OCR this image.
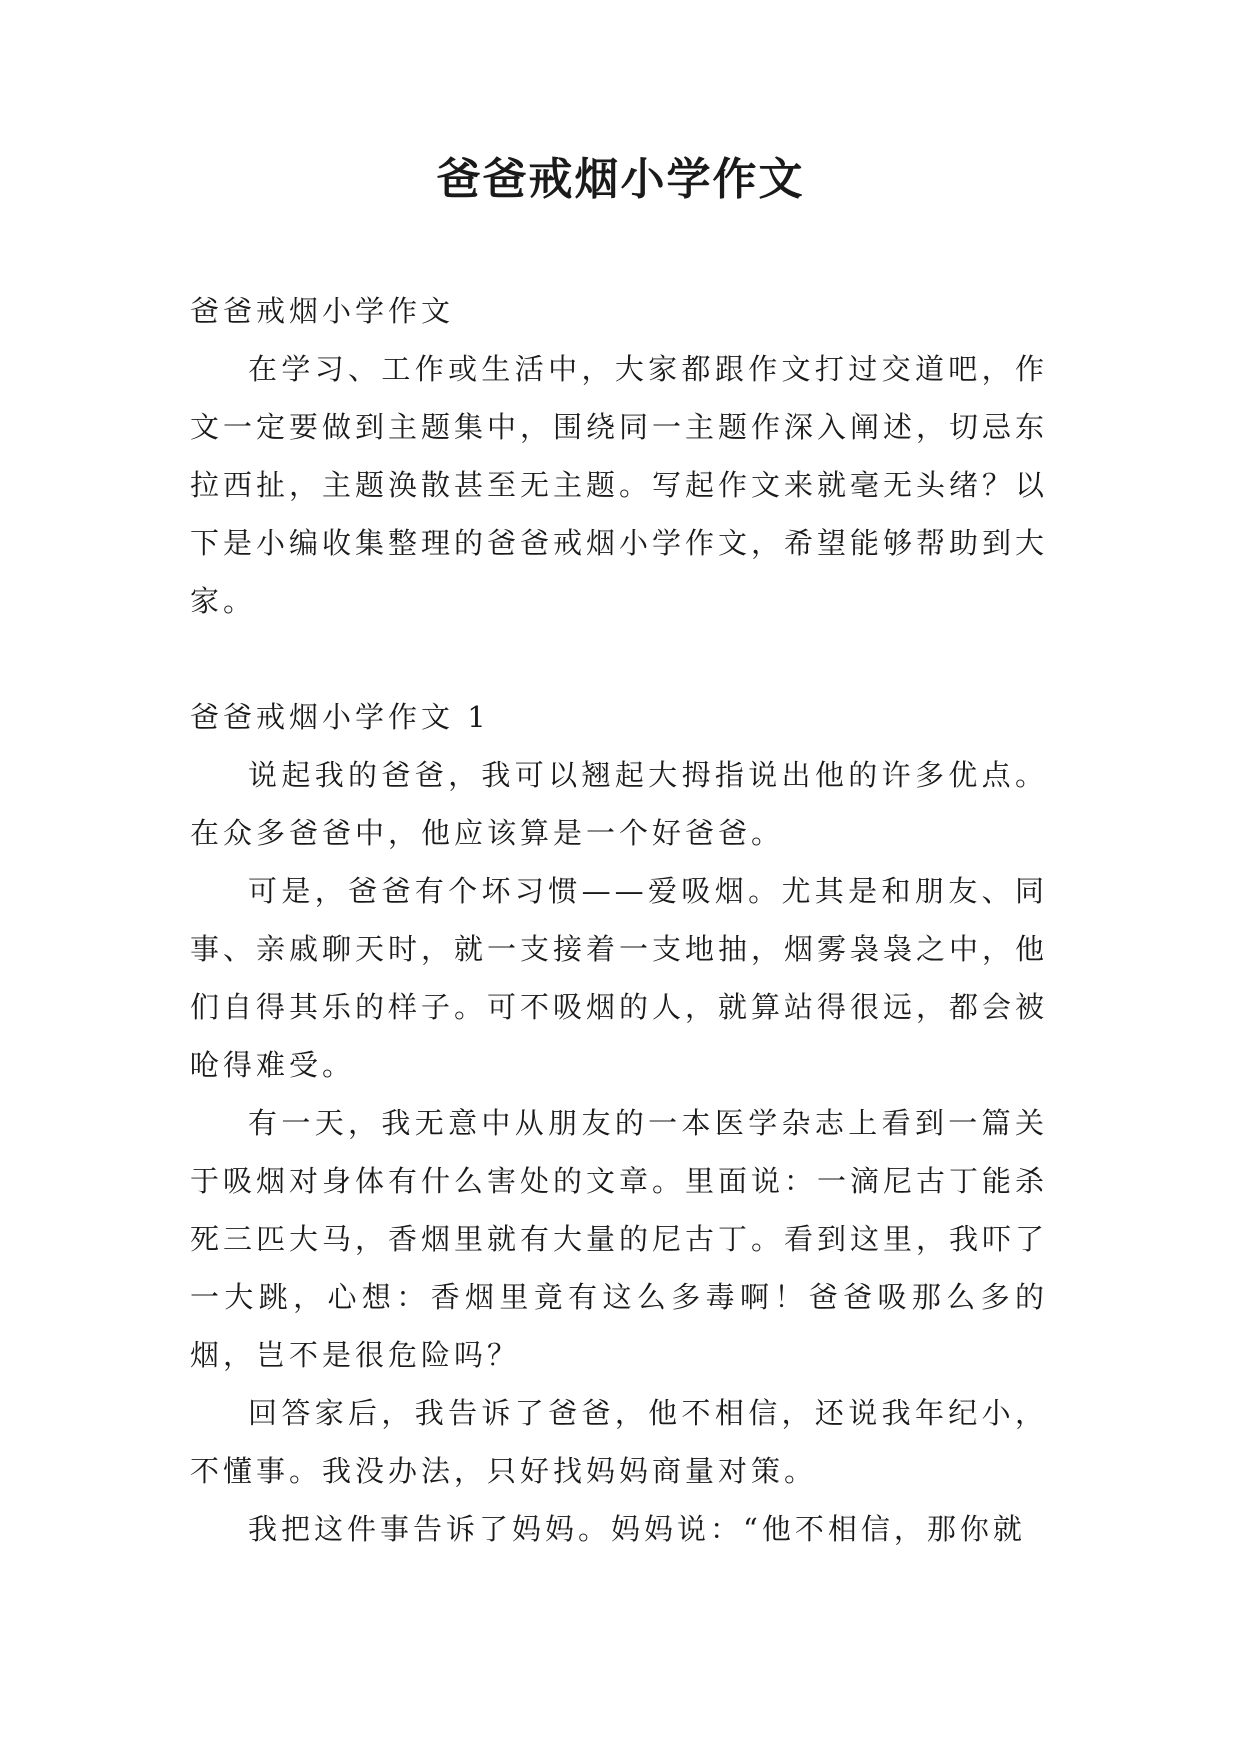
爸爸戒烟小学作文

爸爸戒烟小学作文

在学习、工作或生活中，大家都跟作文打过交道吧，作文一定要做到主题集中，围绕同一主题作深入阐述，切忌东拉西扯，主题涣散甚至无主题。写起作文来就毫无头绪？以下是小编收集整理的爸爸戒烟小学作文，希望能够帮助到大家。

爸爸戒烟小学作文 1

说起我的爸爸，我可以翘起大拇指说出他的许多优点。在众多爸爸中，他应该算是一个好爸爸。

可是，爸爸有个坏习惯——爱吸烟。尤其是和朋友、同事、亲戚聊天时，就一支接着一支地抽，烟雾袅袅之中，他们自得其乐的样子。可不吸烟的人，就算站得很远，都会被呛得难受。

有一天，我无意中从朋友的一本医学杂志上看到一篇关于吸烟对身体有什么害处的文章。里面说：一滴尼古丁能杀死三匹大马，香烟里就有大量的尼古丁。看到这里，我吓了一大跳，心想：香烟里竟有这么多毒啊！爸爸吸那么多的烟，岂不是很危险吗？

回答家后，我告诉了爸爸，他不相信，还说我年纪小，不懂事。我没办法，只好找妈妈商量对策。

我把这件事告诉了妈妈。妈妈说：“他不相信，那你就
